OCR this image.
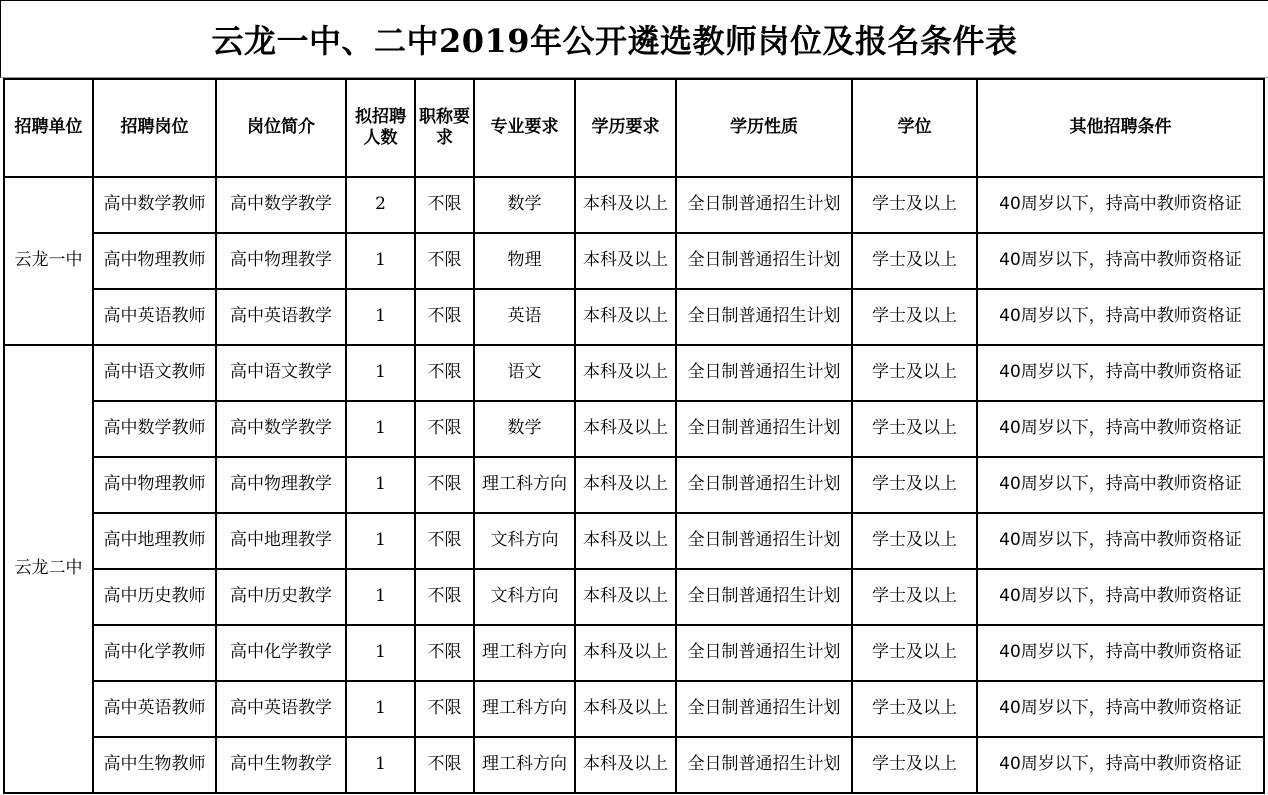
云龙一中、二中2019年公开遴选教师岗位及报名条件表
招聘单位	招聘岗位	岗位简介	拟招聘人数	职称要求	专业要求	学历要求	学历性质	学位	其他招聘条件
云龙一中	高中数学教师	高中数学教学	2	不限	数学	本科及以上	全日制普通招生计划	学士及以上	40周岁以下，持高中教师资格证
	高中物理教师	高中物理教学	1	不限	物理	本科及以上	全日制普通招生计划	学士及以上	40周岁以下，持高中教师资格证
	高中英语教师	高中英语教学	1	不限	英语	本科及以上	全日制普通招生计划	学士及以上	40周岁以下，持高中教师资格证
云龙二中	高中语文教师	高中语文教学	1	不限	语文	本科及以上	全日制普通招生计划	学士及以上	40周岁以下，持高中教师资格证
	高中数学教师	高中数学教学	1	不限	数学	本科及以上	全日制普通招生计划	学士及以上	40周岁以下，持高中教师资格证
	高中物理教师	高中物理教学	1	不限	理工科方向	本科及以上	全日制普通招生计划	学士及以上	40周岁以下，持高中教师资格证
	高中地理教师	高中地理教学	1	不限	文科方向	本科及以上	全日制普通招生计划	学士及以上	40周岁以下，持高中教师资格证
	高中历史教师	高中历史教学	1	不限	文科方向	本科及以上	全日制普通招生计划	学士及以上	40周岁以下，持高中教师资格证
	高中化学教师	高中化学教学	1	不限	理工科方向	本科及以上	全日制普通招生计划	学士及以上	40周岁以下，持高中教师资格证
	高中英语教师	高中英语教学	1	不限	理工科方向	本科及以上	全日制普通招生计划	学士及以上	40周岁以下，持高中教师资格证
	高中生物教师	高中生物教学	1	不限	理工科方向	本科及以上	全日制普通招生计划	学士及以上	40周岁以下，持高中教师资格证
